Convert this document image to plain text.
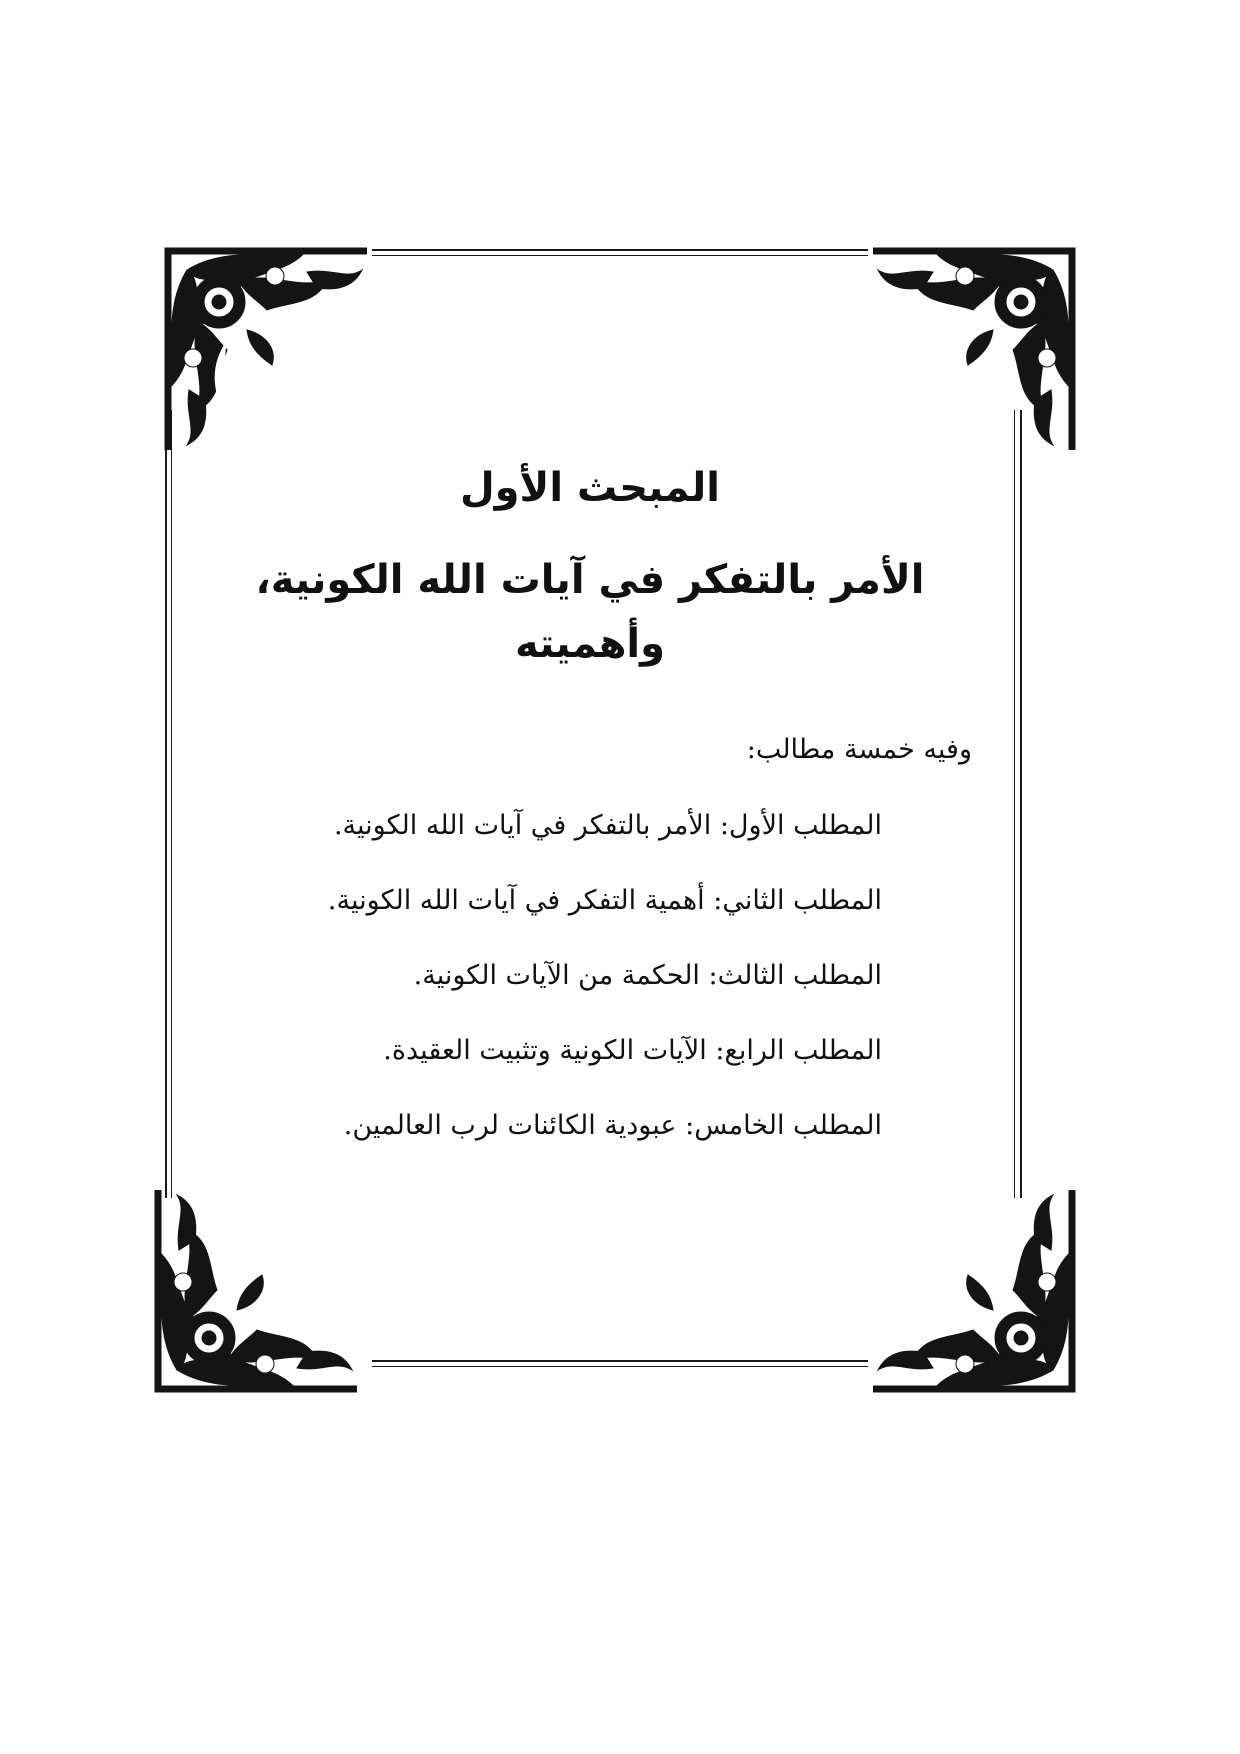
المبحث الأول
الأمر بالتفكر في آيات الله الكونية، وأهميته
وفيه خمسة مطالب:
المطلب الأول: الأمر بالتفكر في آيات الله الكونية.
المطلب الثاني: أهمية التفكر في آيات الله الكونية.
المطلب الثالث: الحكمة من الآيات الكونية.
المطلب الرابع: الآيات الكونية وتثبيت العقيدة.
المطلب الخامس: عبودية الكائنات لرب العالمين.
